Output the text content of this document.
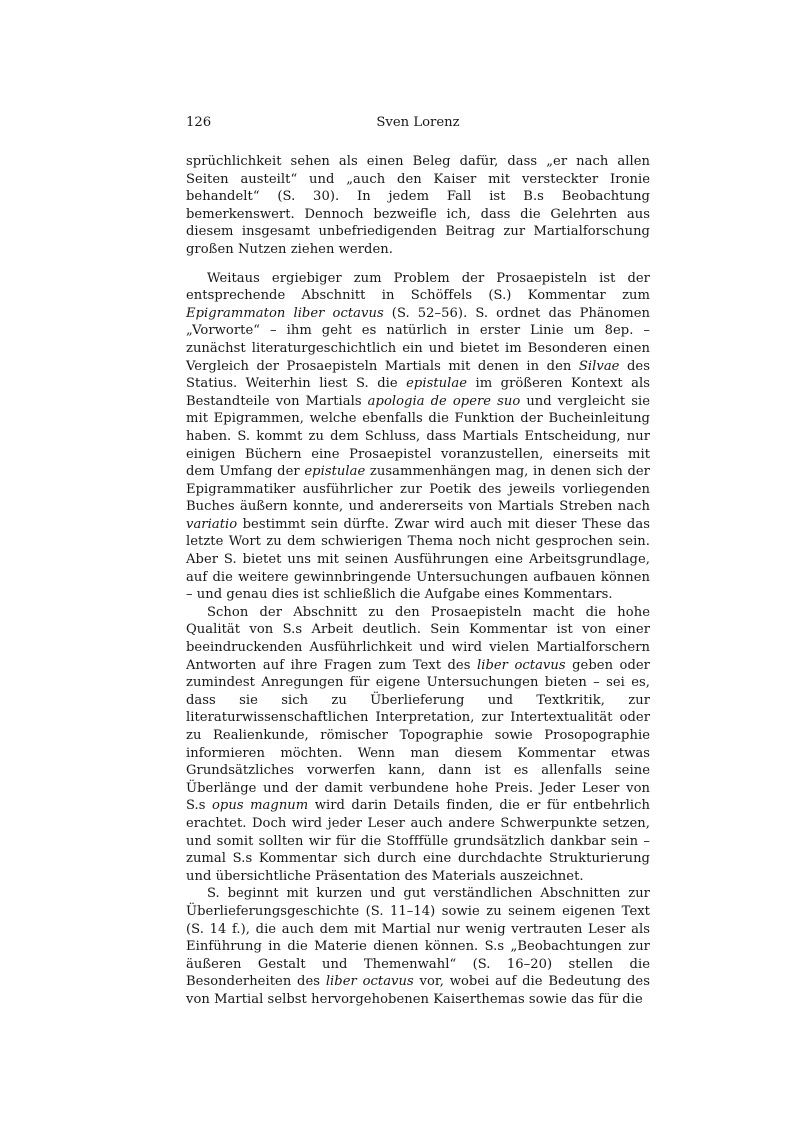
126	Sven Lorenz

sprüchlichkeit sehen als einen Beleg dafür, dass „er nach allen Seiten austeilt“ und „auch den Kaiser mit versteckter Ironie behandelt“ (S. 30). In jedem Fall ist B.s Beobachtung bemerkenswert. Dennoch bezweifle ich, dass die Gelehrten aus diesem insgesamt unbefriedigenden Beitrag zur Martialforschung großen Nutzen ziehen werden.

Weitaus ergiebiger zum Problem der Prosaepisteln ist der entsprechende Abschnitt in Schöffels (S.) Kommentar zum Epigrammaton liber octavus (S. 52–56). S. ordnet das Phänomen „Vorworte“ – ihm geht es natürlich in erster Linie um 8ep. – zunächst literaturgeschichtlich ein und bietet im Besonderen einen Vergleich der Prosaepisteln Martials mit denen in den Silvae des Statius. Weiterhin liest S. die epistulae im größeren Kontext als Bestandteile von Martials apologia de opere suo und vergleicht sie mit Epigrammen, welche ebenfalls die Funktion der Bucheinleitung haben. S. kommt zu dem Schluss, dass Martials Entscheidung, nur einigen Büchern eine Prosaepistel voranzustellen, einerseits mit dem Umfang der epistulae zusammenhängen mag, in denen sich der Epigrammatiker ausführlicher zur Poetik des jeweils vorliegenden Buches äußern konnte, und andererseits von Martials Streben nach variatio bestimmt sein dürfte. Zwar wird auch mit dieser These das letzte Wort zu dem schwierigen Thema noch nicht gesprochen sein. Aber S. bietet uns mit seinen Ausführungen eine Arbeitsgrundlage, auf die weitere gewinnbringende Untersuchungen aufbauen können – und genau dies ist schließlich die Aufgabe eines Kommentars.

Schon der Abschnitt zu den Prosaepisteln macht die hohe Qualität von S.s Arbeit deutlich. Sein Kommentar ist von einer beeindruckenden Ausführlichkeit und wird vielen Martialforschern Antworten auf ihre Fragen zum Text des liber octavus geben oder zumindest Anregungen für eigene Untersuchungen bieten – sei es, dass sie sich zu Überlieferung und Textkritik, zur literaturwissenschaftlichen Interpretation, zur Intertextualität oder zu Realienkunde, römischer Topographie sowie Prosopographie informieren möchten. Wenn man diesem Kommentar etwas Grundsätzliches vorwerfen kann, dann ist es allenfalls seine Überlänge und der damit verbundene hohe Preis. Jeder Leser von S.s opus magnum wird darin Details finden, die er für entbehrlich erachtet. Doch wird jeder Leser auch andere Schwerpunkte setzen, und somit sollten wir für die Stofffülle grundsätzlich dankbar sein – zumal S.s Kommentar sich durch eine durchdachte Strukturierung und übersichtliche Präsentation des Materials auszeichnet.

S. beginnt mit kurzen und gut verständlichen Abschnitten zur Überlieferungsgeschichte (S. 11–14) sowie zu seinem eigenen Text (S. 14 f.), die auch dem mit Martial nur wenig vertrauten Leser als Einführung in die Materie dienen können. S.s „Beobachtungen zur äußeren Gestalt und Themenwahl“ (S. 16–20) stellen die Besonderheiten des liber octavus vor, wobei auf die Bedeutung des von Martial selbst hervorgehobenen Kaiserthemas sowie das für die
